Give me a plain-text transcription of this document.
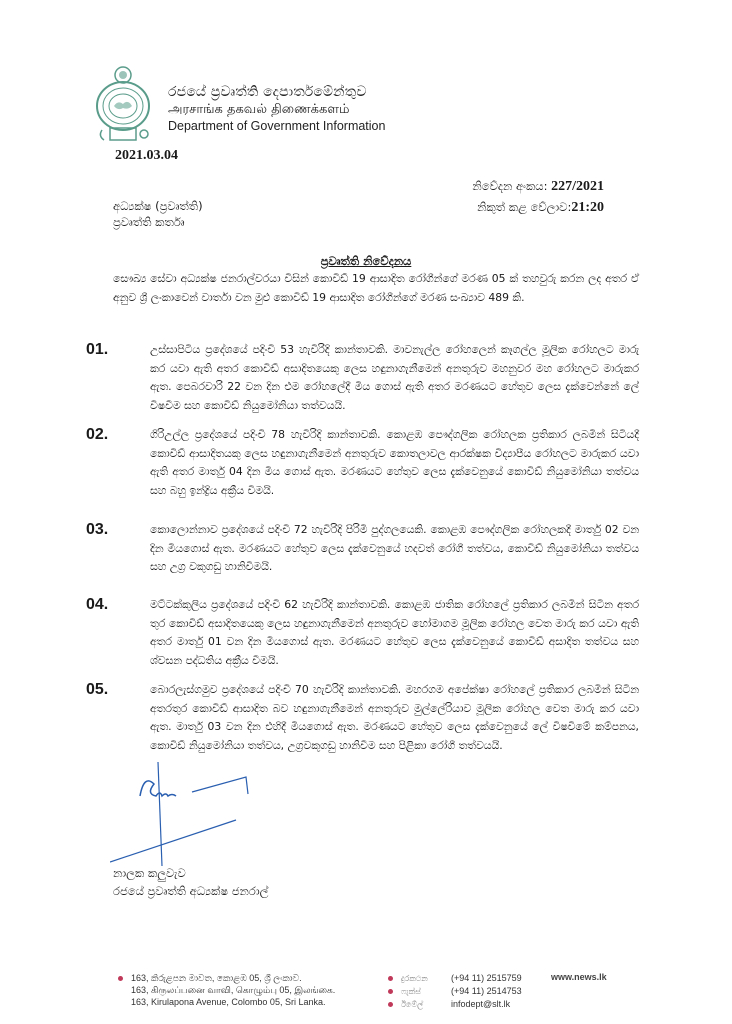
රජයේ ප්‍රවෘත්ති දෙපාර්තමේන්තුව
அரசாங்க தகவல் திணைக்களம்
Department of Government Information
2021.03.04
නිවේදන අංකය: 227/2021
නිකුත් කළ වේලාව:21:20
අධ්‍යක්ෂ (ප්‍රවෘත්ති)
ප්‍රවෘත්ති කර්තෘ
ප්‍රවෘත්ති නිවේදනය
සෞඛ්‍ය සේවා අධ්‍යක්ෂ ජනරාල්වරයා විසින් කොවිඩ් 19 ආසාදිත රෝගීන්ගේ මරණ 05 ක් තහවුරු කරන ලද අතර ඒ අනුව ශ්‍රී ලංකාවෙන් වාර්තා වන මුළු කොවිඩ් 19 ආසාදිත රෝගීන්ගේ මරණ සංඛ්‍යාව 489 කි.
01.	උස්සාපිටිය ප්‍රදේශයේ පදිංචි 53 හැවිරිදි කාන්තාවකි. මාවනැල්ල රෝහලෙන් කෑගල්ල මූලික රෝහලට මාරු කර යවා ඇති අතර කොවිඩ් අසාදිතයෙකු ලෙස හඳුනාගැනීමෙන් අනතුරුව මහනුවර මහ රෝහලට මාරුකර ඇත. පෙබරවාරි 22 වන දින එම රෝහලේදී මිය ගොස් ඇති අතර මරණයට හේතුව ලෙස දැක්වෙන්නේ ලේ විෂවීම සහ කොවිඩ් නියුමෝනියා තත්වයයි.
02.	ගිරිඋල්ල ප්‍රදේශයේ පදිංචි 78 හැවිරිදි කාන්තාවකි. කොළඹ පෞද්ගලික රෝහලක ප්‍රතිකාර ලබමින් සිටියදී කොවිඩ් ආසාදිතයකු ලෙස හඳුනාගැනීමෙන් අනතුරුව කොතලාවල ආරක්ෂක විද්‍යාපීය රෝහලට මාරුකර යවා ඇති අතර මාර්තු 04 දින මිය ගොස් ඇත. මරණයට හේතුව ලෙස දැක්වෙනුයේ කොවිඩ් නියුමෝනියා තත්වය සහ බහු ඉන්ද්‍රිය අක්‍රීය වීමයි.
03.	කොලොන්නාව ප්‍රදේශයේ පදිංචි 72 හැවිරිදි පිරිමි පුද්ගලයෙකි. කොළඹ පෞද්ගලික රෝහලකදී මාර්තු 02 වන දින මියගොස් ඇත. මරණයට හේතුව ලෙස දැක්වෙනුයේ හදවත් රෝගී තත්වය, කොවිඩ් නියුමෝනියා තත්වය සහ උග්‍ර වකුගඩු හානිවීමයි.
04.	මට්ටක්කුලිය ප්‍රදේශයේ පදිංචි 62 හැවිරිදි කාන්තාවකි. කොළඹ ජාතික රෝහලේ ප්‍රතිකාර ලබමින් සිටින අතර තුර කොවිඩ් අසාදිතයෙකු ලෙස හඳුනාගැනීමෙන් අනතුරුව හෝමාගම මූලික රෝහල වෙත මාරු කර යවා ඇති අතර මාර්තු 01 වන දින මියගොස් ඇත. මරණයට හේතුව ලෙස දැක්වෙනුයේ කොවිඩ් අසාදිත තත්වය සහ ශ්වසන පද්ධතිය අක්‍රීය වීමයි.
05.	බොරලැස්ගමුව ප්‍රදේශයේ පදිංචි 70 හැවිරිදි කාන්තාවකි. මහරගම අපේක්ෂා රෝහලේ ප්‍රතිකාර ලබමින් සිටින අතරතුර කොවිඩ් ආසාදිත බව හඳුනාගැනීමෙන් අනතුරුව මුල්ලේරියාව මූලික රෝහල වෙත මාරු කර යවා ඇත. මාර්තු 03 වන දින එහිදී මියගොස් ඇත. මරණයට හේතුව ලෙස දැක්වෙනුයේ ලේ විෂවීමේ කම්පනය, කොවිඩ් නියුමෝනියා තත්වය, උග්‍රවකුගඩු හානිවීම සහ පිළිකා රෝගී තත්වයයි.
නාලක කලුවැව
රජයේ ප්‍රවෘත්ති අධ්‍යක්ෂ ජනරාල්
163, කිරුළපන මාවත, කොළඹ 05, ශ්‍රී ලංකාව.
163, கிருலப்பனை வாவி, கொழும்பு 05, இலங்கை.
163, Kirulapona Avenue, Colombo 05, Sri Lanka.
දුරකථන	(+94 11) 2515759
ෆැක්ස්	(+94 11) 2514753
ඊමේල්	infodept@slt.lk
www.news.lk
